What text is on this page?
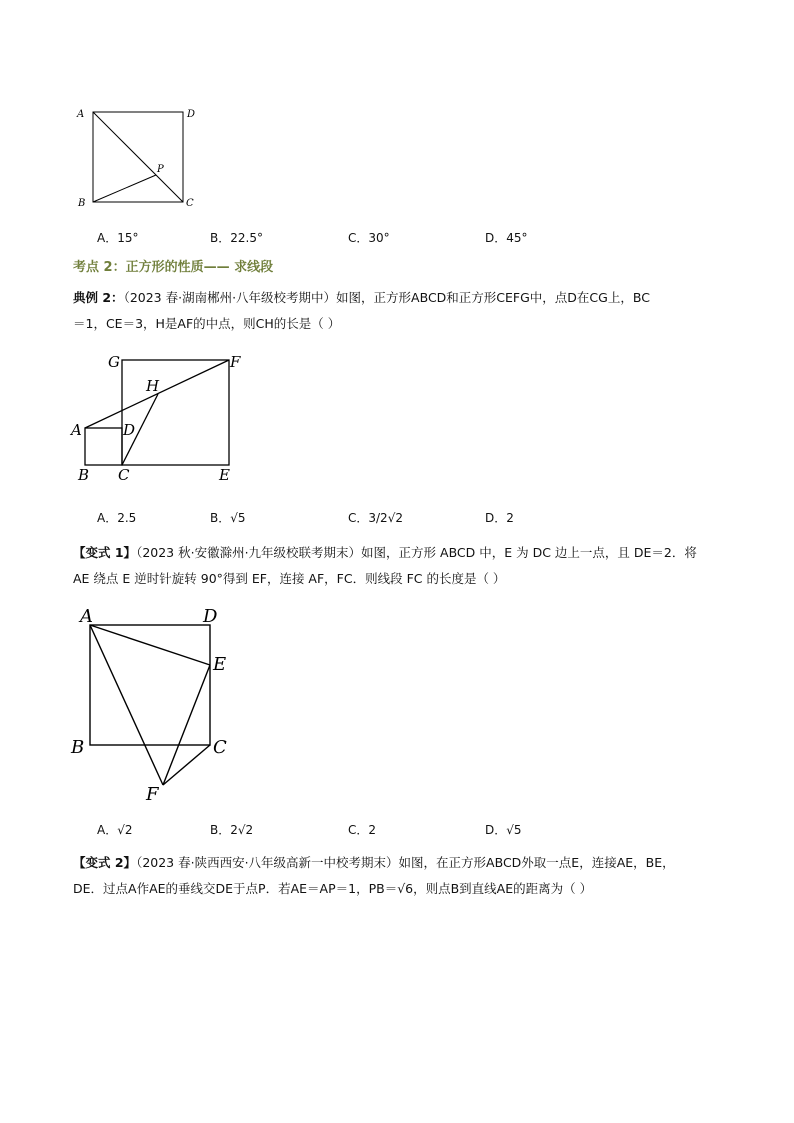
A	D
B	C
P
A．15°	B．22.5°	C．30°	D．45°
考点 2：正方形的性质—— 求线段
典例 2：（2023 春·湖南郴州·八年级校考期中）如图，正方形ABCD和正方形CEFG中，点D在CG上，BC
＝1，CE＝3，H是AF的中点，则CH的长是（ ）
G	F
H
A	D
B C	E
A．2.5	B．√5	C．3/2√2	D．2
【变式 1】（2023 秋·安徽滁州·九年级校联考期末）如图，正方形 ABCD 中，E 为 DC 边上一点，且 DE＝2．将
AE 绕点 E 逆时针旋转 90°得到 EF，连接 AF，FC．则线段 FC 的长度是（ ）
A	D
E
B	C
F
A．√2	B．2√2	C．2	D．√5
【变式 2】（2023 春·陕西西安·八年级高新一中校考期末）如图，在正方形ABCD外取一点E，连接AE，BE，
DE．过点A作AE的垂线交DE于点P．若AE＝AP＝1，PB＝√6，则点B到直线AE的距离为（ ）
